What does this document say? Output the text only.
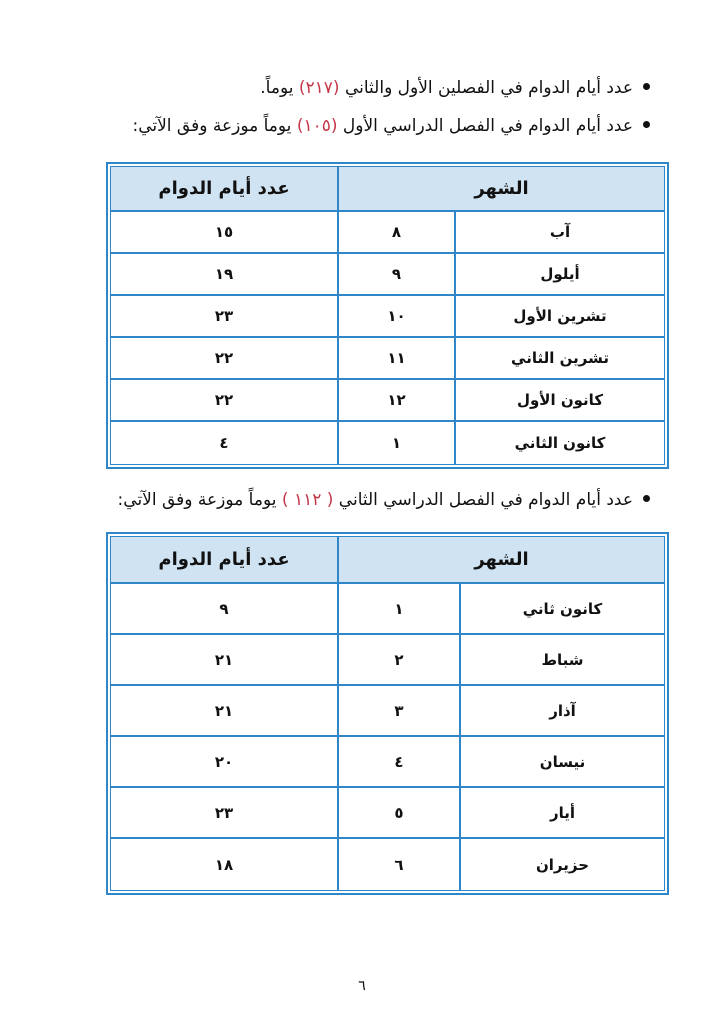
عدد أيام الدوام في الفصلين الأول والثاني (٢١٧) يوماً.
عدد أيام الدوام في الفصل الدراسي الأول (١٠٥) يوماً موزعة وفق الآتي:
الشهر
عدد أيام الدوام
آب
٨
١٥
أيلول
٩
١٩
تشرين الأول
١٠
٢٣
تشرين الثاني
١١
٢٢
كانون الأول
١٢
٢٢
كانون الثاني
١
٤
عدد أيام الدوام في الفصل الدراسي الثاني ( ١١٢ ) يوماً موزعة وفق الآتي:
الشهر
عدد أيام الدوام
كانون ثاني
١
٩
شباط
٢
٢١
آذار
٣
٢١
نيسان
٤
٢٠
أيار
٥
٢٣
حزيران
٦
١٨
٦
